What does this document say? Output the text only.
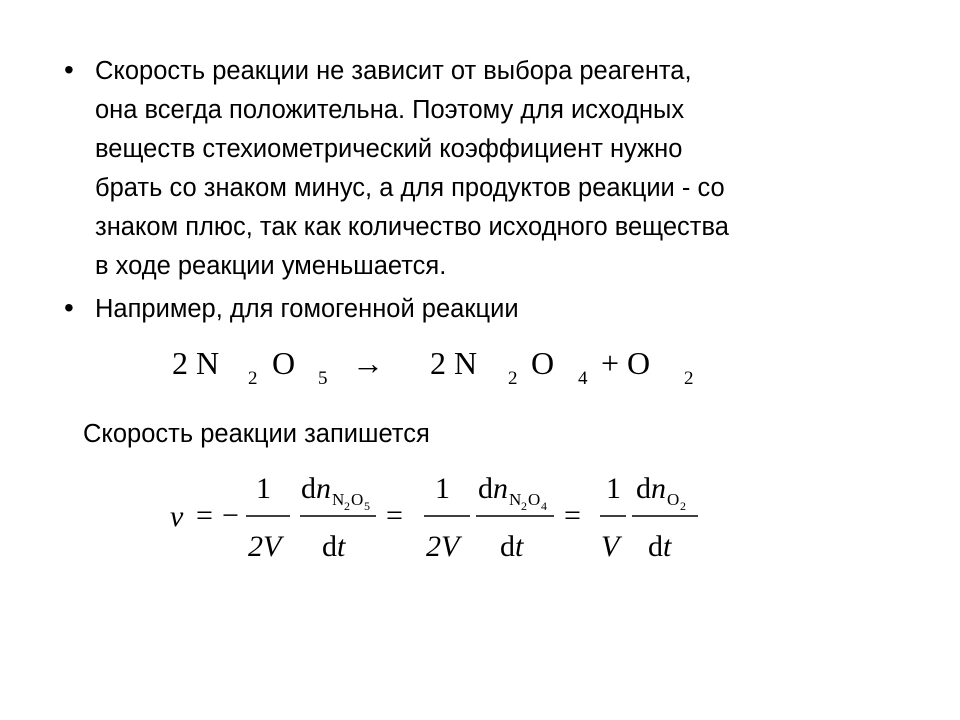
• Скорость реакции не зависит от выбора реагента,
она всегда положительна. Поэтому для исходных
веществ стехиометрический коэффициент нужно
брать со знаком минус, а для продуктов реакции - со
знаком плюс, так как количество исходного вещества
в ходе реакции уменьшается.
• Например, для гомогенной реакции
2 N 2 O 5 → 2 N 2 O 4 + O 2
Скорость реакции запишется
v = −
1
2V
d n N 2 O 5
d t
=
1
2V
d n N 2 O 4
d t
=
1
V
d n O 2
d t
